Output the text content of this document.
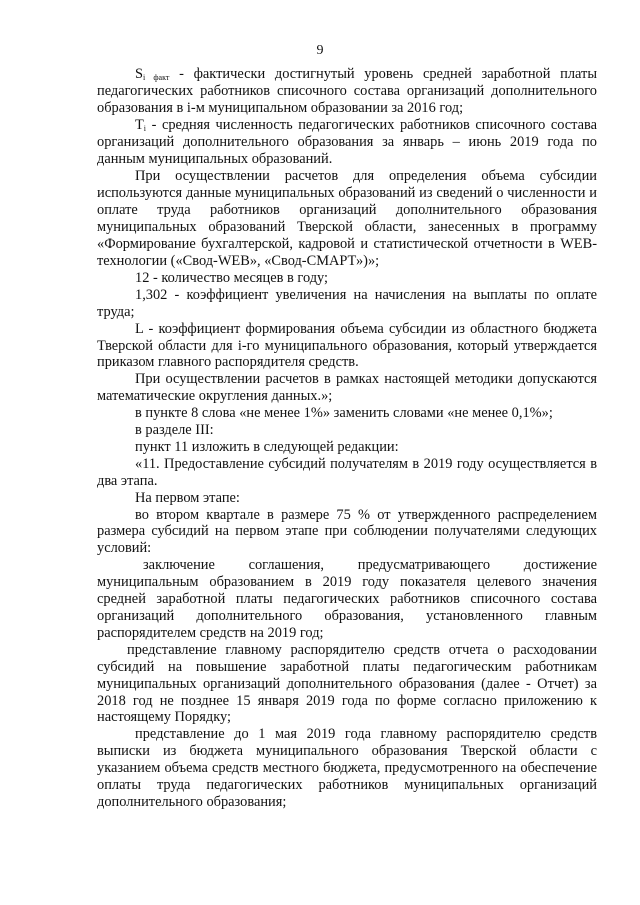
9

$S_{i факт}$ - фактически достигнутый уровень средней заработной платы педагогических работников списочного состава организаций дополнительного образования в i-м муниципальном образовании за 2016 год;

$T_i$ - средняя численность педагогических работников списочного состава организаций дополнительного образования за январь – июнь 2019 года по данным муниципальных образований.

При осуществлении расчетов для определения объема субсидии используются данные муниципальных образований из сведений о численности и оплате труда работников организаций дополнительного образования муниципальных образований Тверской области, занесенных в программу «Формирование бухгалтерской, кадровой и статистической отчетности в WEB-технологии («Свод-WEB», «Свод-СМАРТ»)»;

12 - количество месяцев в году;

1,302 - коэффициент увеличения на начисления на выплаты по оплате труда;

L - коэффициент формирования объема субсидии из областного бюджета Тверской области для i-го муниципального образования, который утверждается приказом главного распорядителя средств.

При осуществлении расчетов в рамках настоящей методики допускаются математические округления данных.»;

в пункте 8 слова «не менее 1%» заменить словами «не менее 0,1%»;

в разделе III:

пункт 11 изложить в следующей редакции:

«11. Предоставление субсидий получателям в 2019 году осуществляется в два этапа.

На первом этапе:

во втором квартале в размере 75 % от утвержденного распределением размера субсидий на первом этапе при соблюдении получателями следующих условий:

заключение соглашения, предусматривающего достижение муниципальным образованием в 2019 году показателя целевого значения средней заработной платы педагогических работников списочного состава организаций дополнительного образования, установленного главным распорядителем средств на 2019 год;

представление главному распорядителю средств отчета о расходовании субсидий на повышение заработной платы педагогическим работникам муниципальных организаций дополнительного образования (далее - Отчет) за 2018 год не позднее 15 января 2019 года по форме согласно приложению к настоящему Порядку;

представление до 1 мая 2019 года главному распорядителю средств выписки из бюджета муниципального образования Тверской области с указанием объема средств местного бюджета, предусмотренного на обеспечение оплаты труда педагогических работников муниципальных организаций дополнительного образования;
